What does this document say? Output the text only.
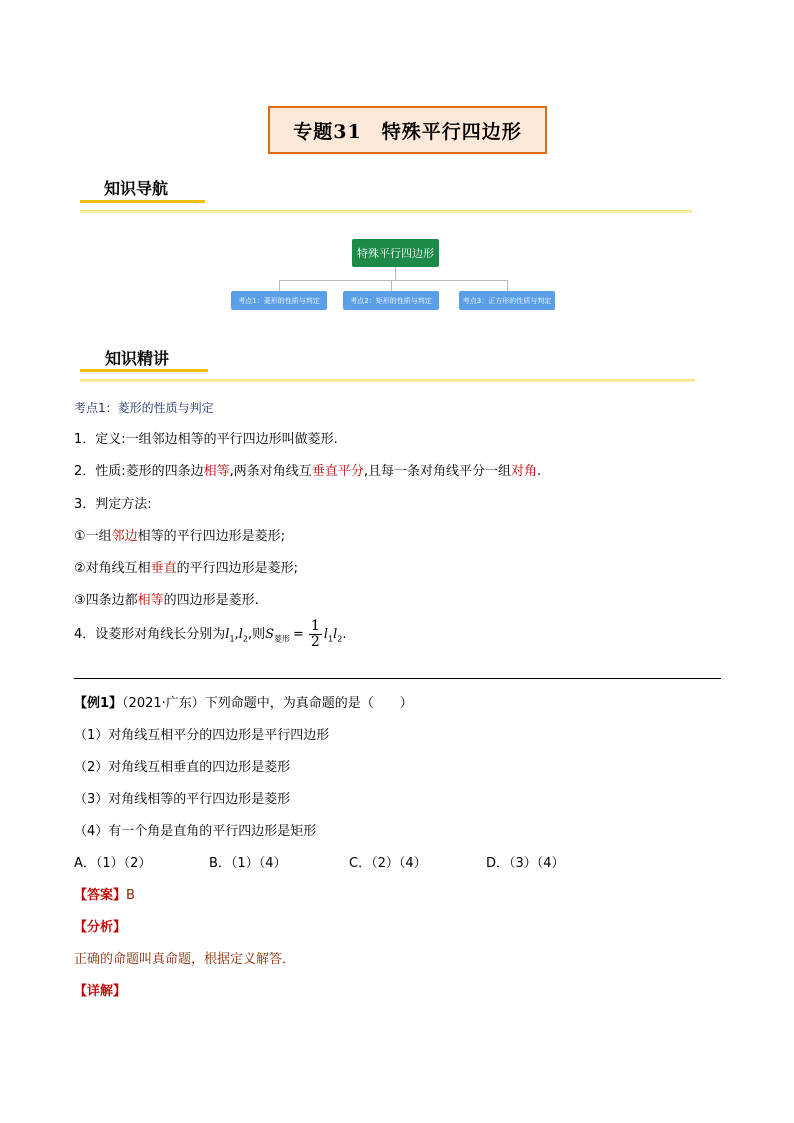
专题31 特殊平行四边形
知识导航
特殊平行四边形
考点1：菱形的性质与判定	考点2：矩形的性质与判定	考点3：正方形的性质与判定
知识精讲
考点1：菱形的性质与判定
1．定义:一组邻边相等的平行四边形叫做菱形.
2．性质:菱形的四条边相等,两条对角线互垂直平分,且每一条对角线平分一组对角.
3．判定方法:
①一组邻边相等的平行四边形是菱形;
②对角线互相垂直的平行四边形是菱形;
③四条边都相等的四边形是菱形.
4．设菱形对角线长分别为$l_1,l_2$,则$S_{菱形} = \frac{1}{2} l_1l_2$.
【例1】（2021·广东）下列命题中，为真命题的是（　　）
（1）对角线互相平分的四边形是平行四边形
（2）对角线互相垂直的四边形是菱形
（3）对角线相等的平行四边形是菱形
（4）有一个角是直角的平行四边形是矩形
A．（1）（2）	B．（1）（4）	C．（2）（4）	D．（3）（4）
【答案】B
【分析】
正确的命题叫真命题，根据定义解答．
【详解】
